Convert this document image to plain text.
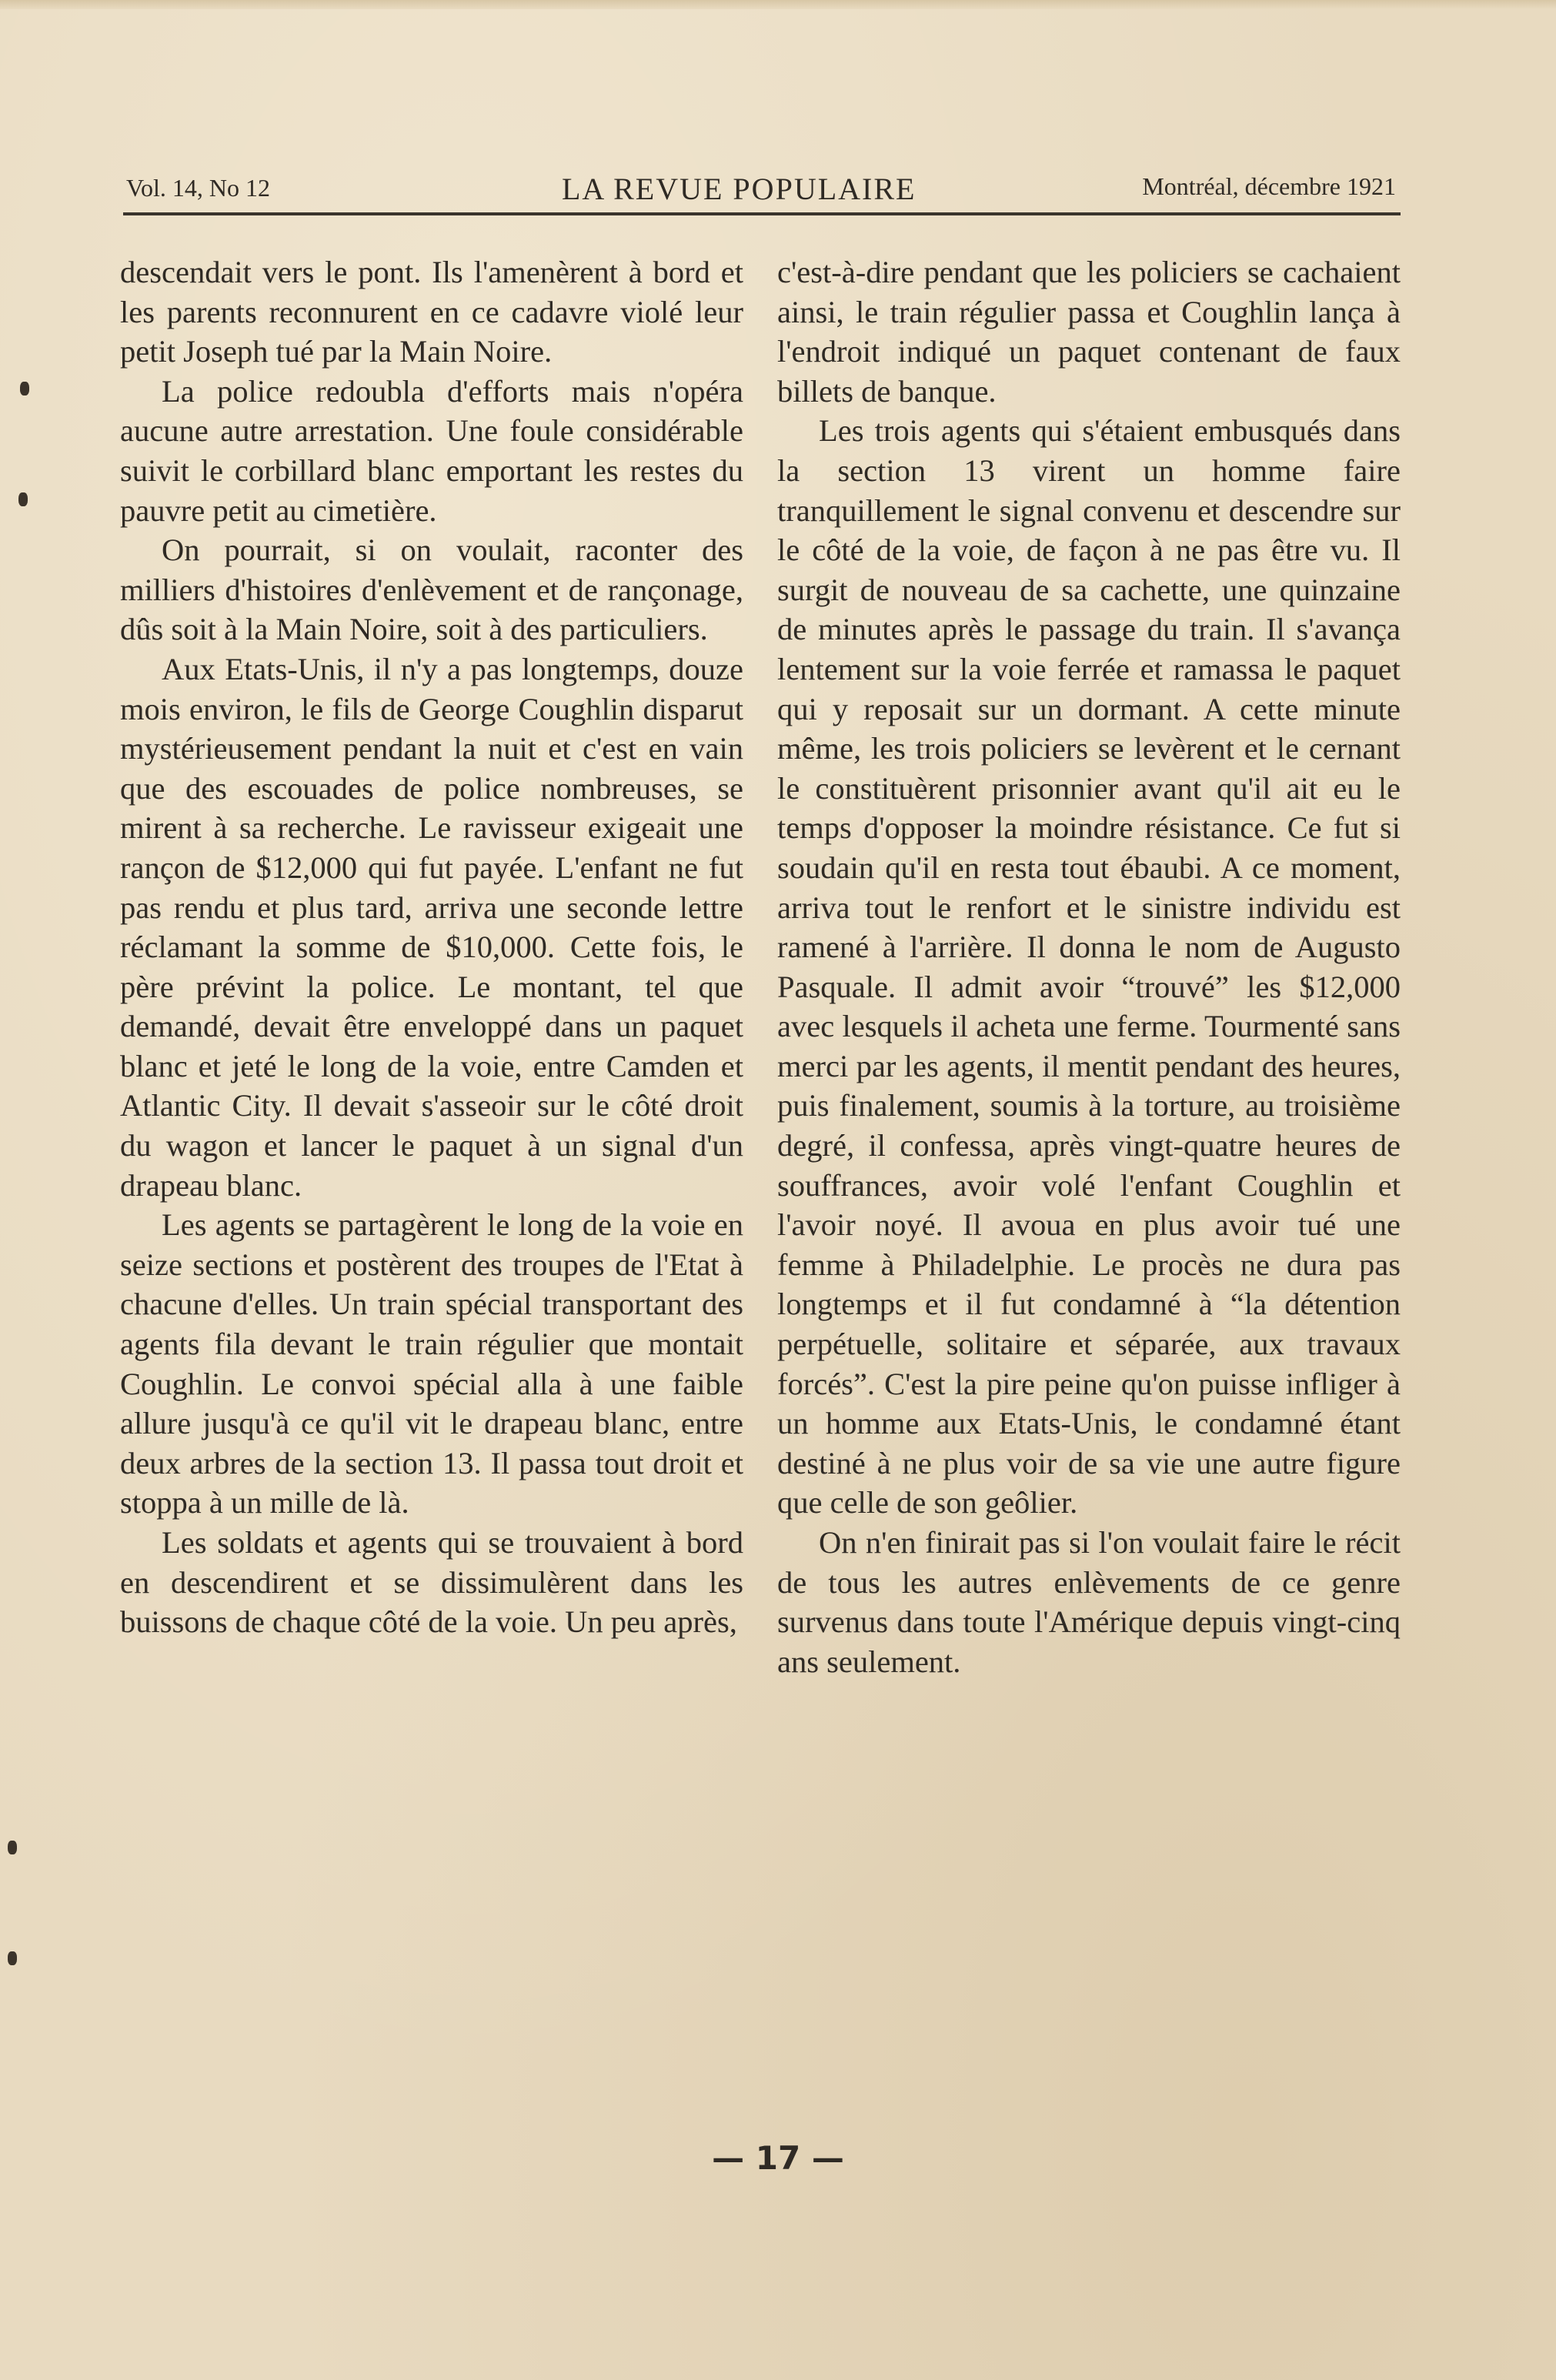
Vol. 14, No 12	LA REVUE POPULAIRE	Montréal, décembre 1921

descendait vers le pont. Ils l'amenèrent à bord et les parents reconnurent en ce cadavre violé leur petit Joseph tué par la Main Noire.

La police redoubla d'efforts mais n'opéra aucune autre arrestation. Une foule considérable suivit le corbillard blanc emportant les restes du pauvre petit au cimetière.

On pourrait, si on voulait, raconter des milliers d'histoires d'enlèvement et de rançonage, dûs soit à la Main Noire, soit à des particuliers.

Aux Etats-Unis, il n'y a pas longtemps, douze mois environ, le fils de George Coughlin disparut mystérieusement pendant la nuit et c'est en vain que des escouades de police nombreuses, se mirent à sa recherche. Le ravisseur exigeait une rançon de $12,000 qui fut payée. L'enfant ne fut pas rendu et plus tard, arriva une seconde lettre réclamant la somme de $10,000. Cette fois, le père prévint la police. Le montant, tel que demandé, devait être enveloppé dans un paquet blanc et jeté le long de la voie, entre Camden et Atlantic City. Il devait s'asseoir sur le côté droit du wagon et lancer le paquet à un signal d'un drapeau blanc.

Les agents se partagèrent le long de la voie en seize sections et postèrent des troupes de l'Etat à chacune d'elles. Un train spécial transportant des agents fila devant le train régulier que montait Coughlin. Le convoi spécial alla à une faible allure jusqu'à ce qu'il vit le drapeau blanc, entre deux arbres de la section 13. Il passa tout droit et stoppa à un mille de là.

Les soldats et agents qui se trouvaient à bord en descendirent et se dissimulèrent dans les buissons de chaque côté de la voie. Un peu après,

c'est-à-dire pendant que les policiers se cachaient ainsi, le train régulier passa et Coughlin lança à l'endroit indiqué un paquet contenant de faux billets de banque.

Les trois agents qui s'étaient embusqués dans la section 13 virent un homme faire tranquillement le signal convenu et descendre sur le côté de la voie, de façon à ne pas être vu. Il surgit de nouveau de sa cachette, une quinzaine de minutes après le passage du train. Il s'avança lentement sur la voie ferrée et ramassa le paquet qui y reposait sur un dormant. A cette minute même, les trois policiers se levèrent et le cernant le constituèrent prisonnier avant qu'il ait eu le temps d'opposer la moindre résistance. Ce fut si soudain qu'il en resta tout ébaubi. A ce moment, arriva tout le renfort et le sinistre individu est ramené à l'arrière. Il donna le nom de Augusto Pasquale. Il admit avoir “trouvé” les $12,000 avec lesquels il acheta une ferme. Tourmenté sans merci par les agents, il mentit pendant des heures, puis finalement, soumis à la torture, au troisième degré, il confessa, après vingt-quatre heures de souffrances, avoir volé l'enfant Coughlin et l'avoir noyé. Il avoua en plus avoir tué une femme à Philadelphie. Le procès ne dura pas longtemps et il fut condamné à “la détention perpétuelle, solitaire et séparée, aux travaux forcés”. C'est la pire peine qu'on puisse infliger à un homme aux Etats-Unis, le condamné étant destiné à ne plus voir de sa vie une autre figure que celle de son geôlier.

On n'en finirait pas si l'on voulait faire le récit de tous les autres enlèvements de ce genre survenus dans toute l'Amérique depuis vingt-cinq ans seulement.

— 17 —
